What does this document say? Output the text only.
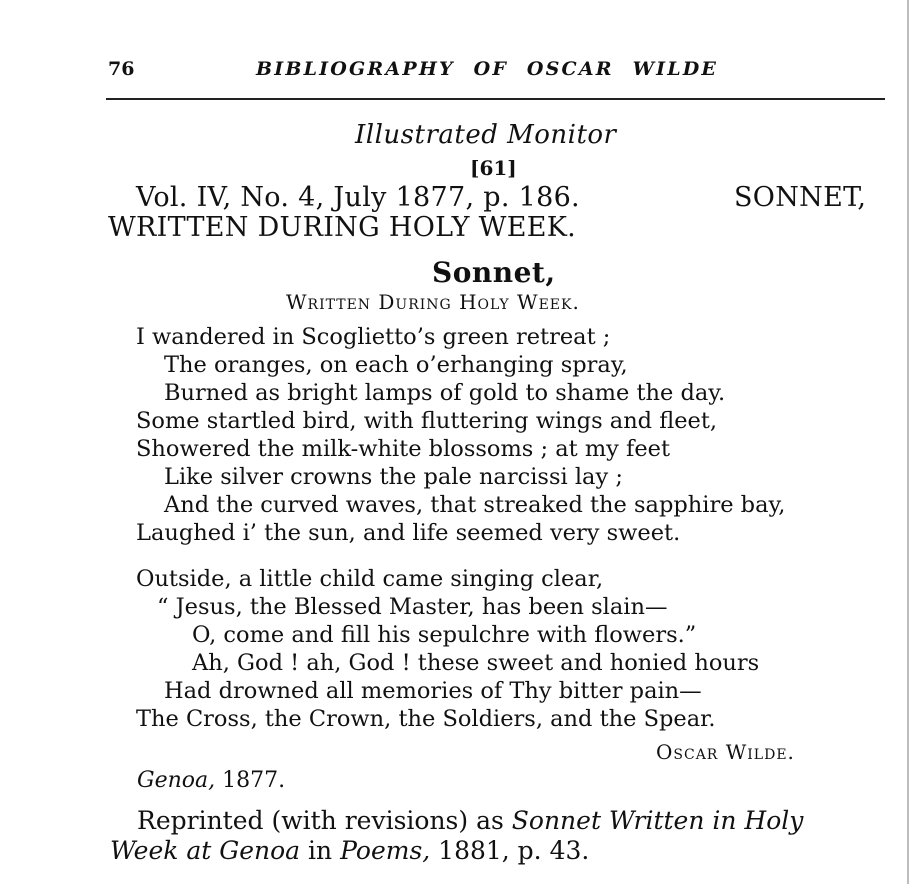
76	BIBLIOGRAPHY OF OSCAR WILDE
Illustrated Monitor
[61]
Vol. IV, No. 4, July 1877, p. 186.	SONNET,
WRITTEN DURING HOLY WEEK.
Sonnet,
Written During Holy Week.
I wandered in Scoglietto’s green retreat ;
The oranges, on each o’erhanging spray,
Burned as bright lamps of gold to shame the day.
Some startled bird, with fluttering wings and fleet,
Showered the milk-white blossoms ; at my feet
Like silver crowns the pale narcissi lay ;
And the curved waves, that streaked the sapphire bay,
Laughed i’ the sun, and life seemed very sweet.
Outside, a little child came singing clear,
“ Jesus, the Blessed Master, has been slain—
O, come and fill his sepulchre with flowers.”
Ah, God ! ah, God ! these sweet and honied hours
Had drowned all memories of Thy bitter pain—
The Cross, the Crown, the Soldiers, and the Spear.
Oscar Wilde.
Genoa, 1877.
Reprinted (with revisions) as Sonnet Written in Holy
Week at Genoa in Poems, 1881, p. 43.
